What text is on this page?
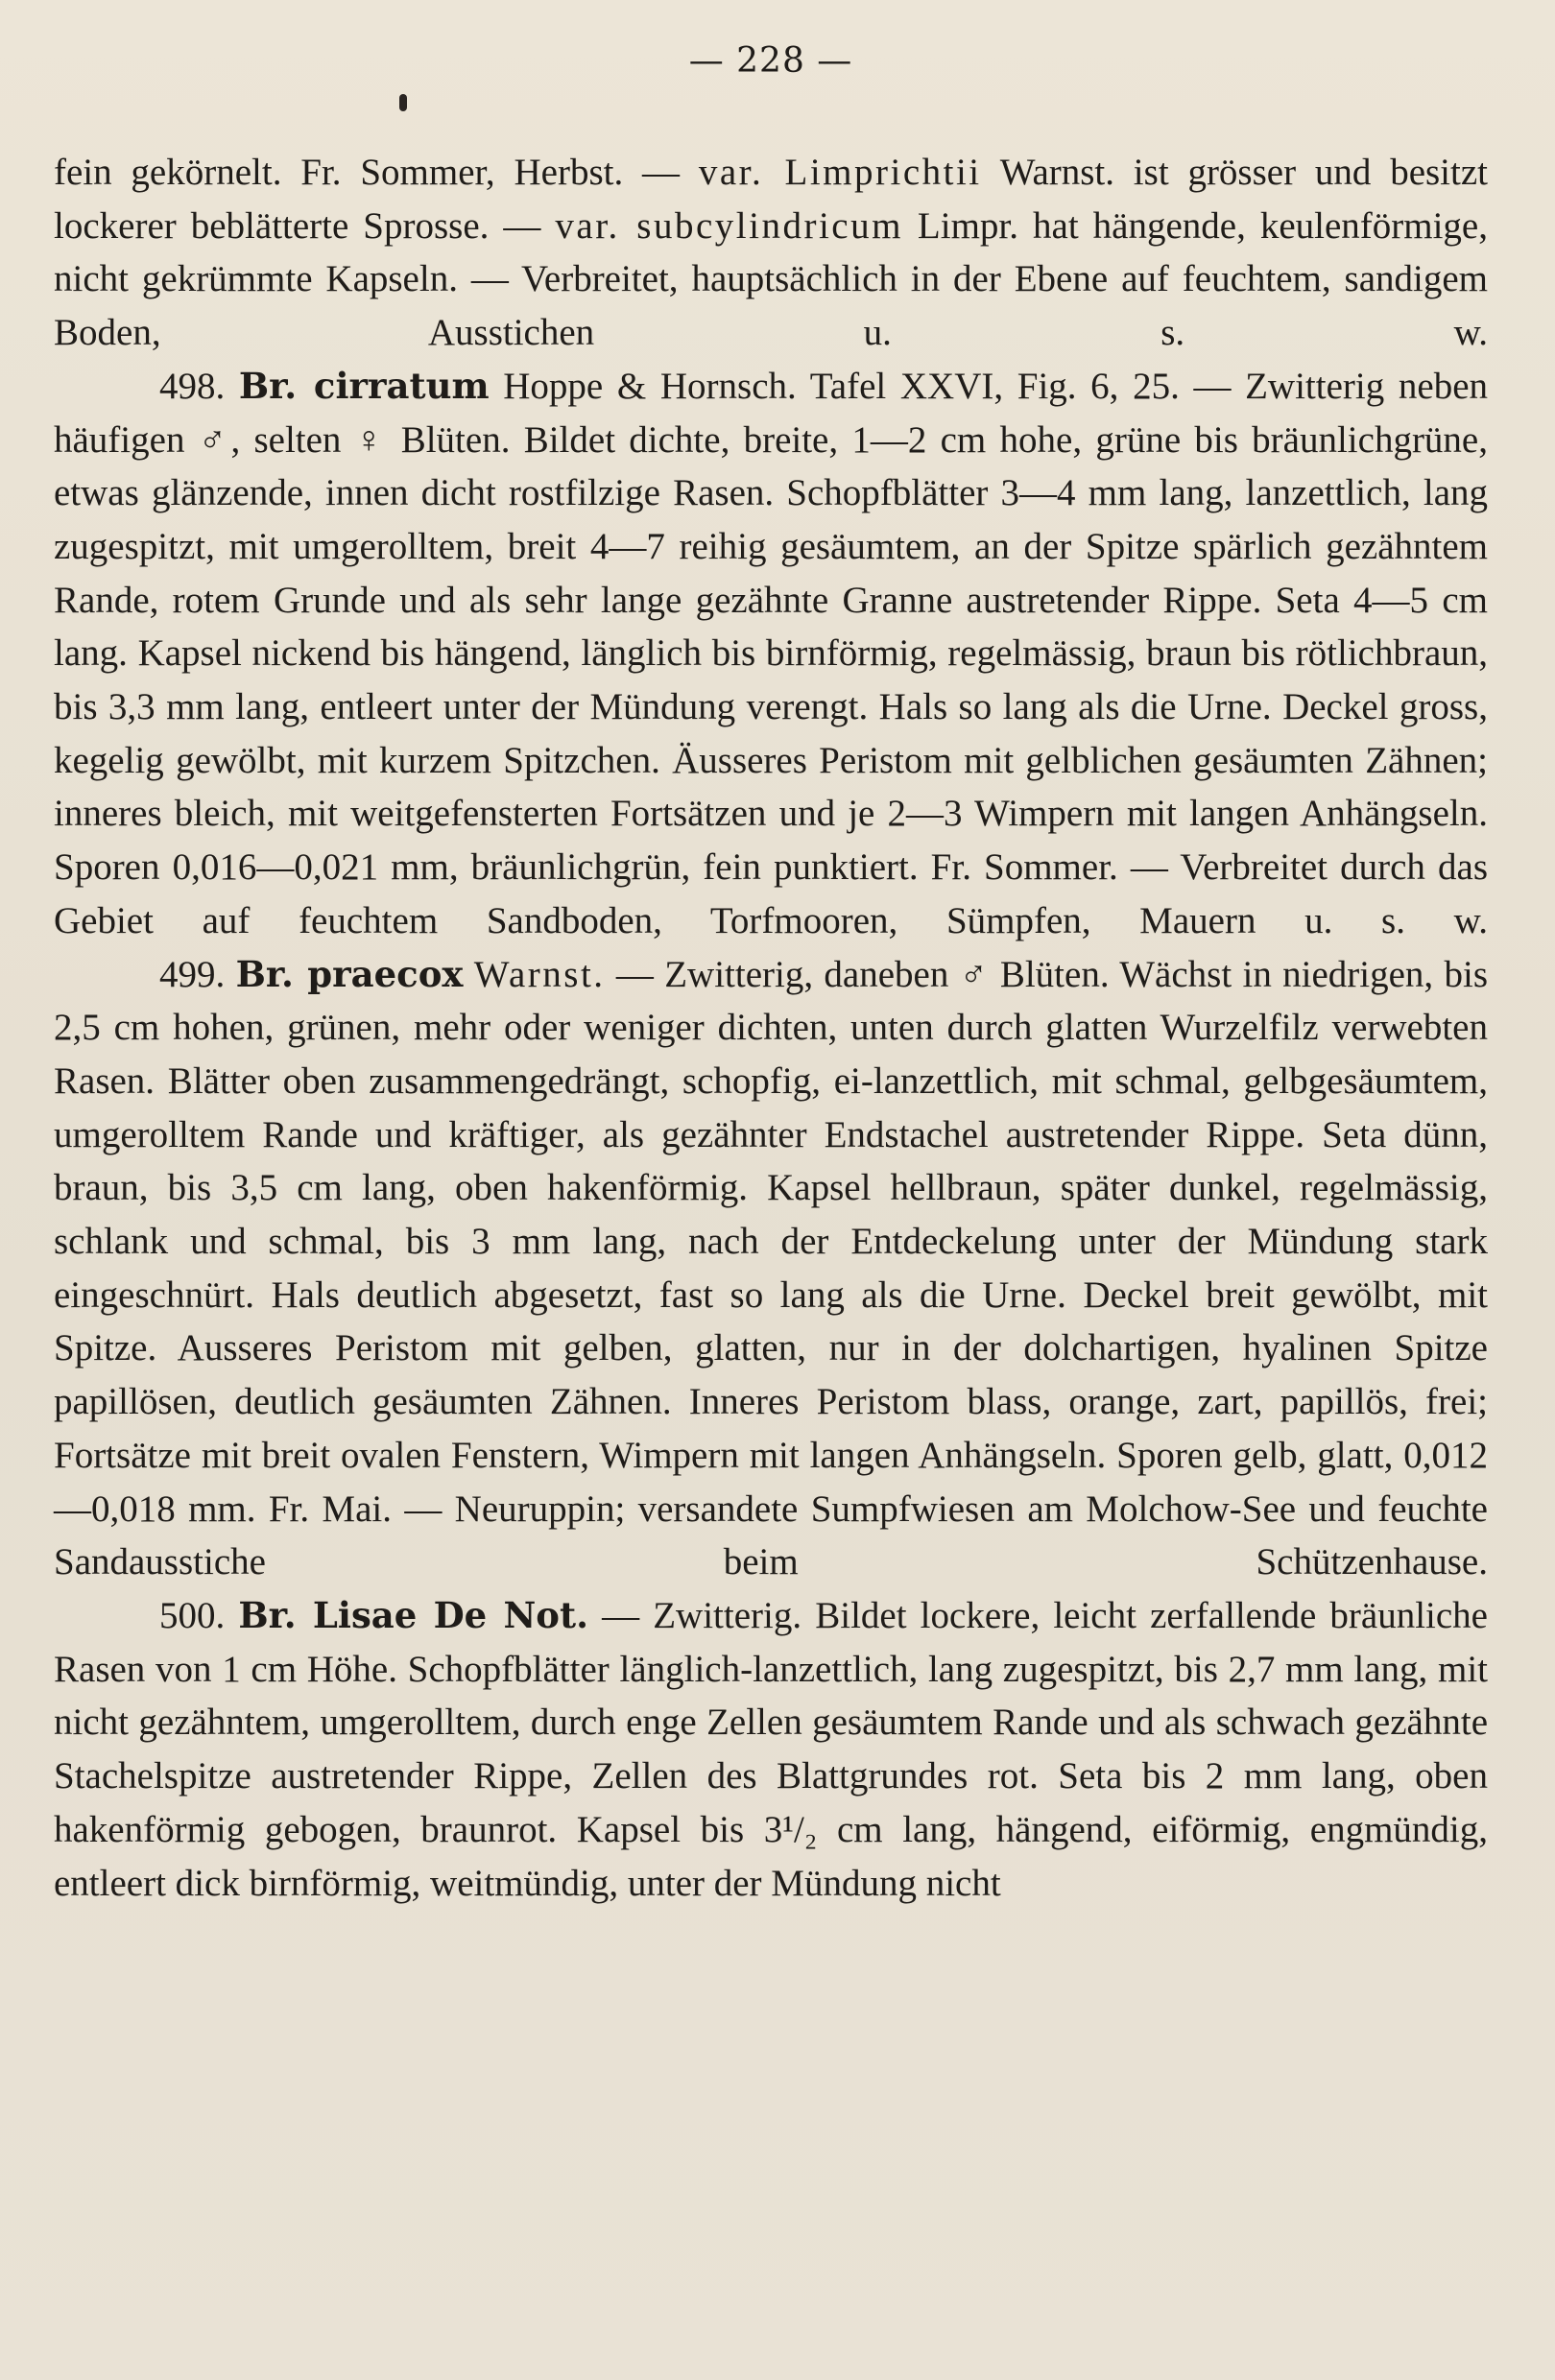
— 228 —

fein gekörnelt. Fr. Sommer, Herbst. — var. Limprichtii Warnst. ist grösser und besitzt lockerer beblätterte Sprosse. — var. subcylindricum Limpr. hat hängende, keulenförmige, nicht gekrümmte Kapseln. — Verbreitet, hauptsächlich in der Ebene auf feuchtem, sandigem Boden, Ausstichen u. s. w.

498. Br. cirratum Hoppe & Hornsch. Tafel XXVI, Fig. 6, 25. — Zwitterig neben häufigen ♂, selten ♀ Blüten. Bildet dichte, breite, 1—2 cm hohe, grüne bis bräunlichgrüne, etwas glänzende, innen dicht rostfilzige Rasen. Schopfblätter 3—4 mm lang, lanzettlich, lang zugespitzt, mit umgerolltem, breit 4—7 reihig gesäumtem, an der Spitze spärlich gezähntem Rande, rotem Grunde und als sehr lange gezähnte Granne austretender Rippe. Seta 4—5 cm lang. Kapsel nickend bis hängend, länglich bis birnförmig, regelmässig, braun bis rötlichbraun, bis 3,3 mm lang, entleert unter der Mündung verengt. Hals so lang als die Urne. Deckel gross, kegelig gewölbt, mit kurzem Spitzchen. Äusseres Peristom mit gelblichen gesäumten Zähnen; inneres bleich, mit weitgefensterten Fortsätzen und je 2—3 Wimpern mit langen Anhängseln. Sporen 0,016—0,021 mm, bräunlichgrün, fein punktiert. Fr. Sommer. — Verbreitet durch das Gebiet auf feuchtem Sandboden, Torfmooren, Sümpfen, Mauern u. s. w.

499. Br. praecox Warnst. — Zwitterig, daneben ♂ Blüten. Wächst in niedrigen, bis 2,5 cm hohen, grünen, mehr oder weniger dichten, unten durch glatten Wurzelfilz verwebten Rasen. Blätter oben zusammengedrängt, schopfig, ei-lanzettlich, mit schmal, gelbgesäumtem, umgerolltem Rande und kräftiger, als gezähnter Endstachel austretender Rippe. Seta dünn, braun, bis 3,5 cm lang, oben hakenförmig. Kapsel hellbraun, später dunkel, regelmässig, schlank und schmal, bis 3 mm lang, nach der Entdeckelung unter der Mündung stark eingeschnürt. Hals deutlich abgesetzt, fast so lang als die Urne. Deckel breit gewölbt, mit Spitze. Ausseres Peristom mit gelben, glatten, nur in der dolchartigen, hyalinen Spitze papillösen, deutlich gesäumten Zähnen. Inneres Peristom blass, orange, zart, papillös, frei; Fortsätze mit breit ovalen Fenstern, Wimpern mit langen Anhängseln. Sporen gelb, glatt, 0,012—0,018 mm. Fr. Mai. — Neuruppin; versandete Sumpfwiesen am Molchow-See und feuchte Sandausstiche beim Schützenhause.

500. Br. Lisae De Not. — Zwitterig. Bildet lockere, leicht zerfallende bräunliche Rasen von 1 cm Höhe. Schopfblätter länglich-lanzettlich, lang zugespitzt, bis 2,7 mm lang, mit nicht gezähntem, umgerolltem, durch enge Zellen gesäumtem Rande und als schwach gezähnte Stachelspitze austretender Rippe, Zellen des Blattgrundes rot. Seta bis 2 mm lang, oben hakenförmig gebogen, braunrot. Kapsel bis 3¹/₂ cm lang, hängend, eiförmig, engmündig, entleert dick birnförmig, weitmündig, unter der Mündung nicht
